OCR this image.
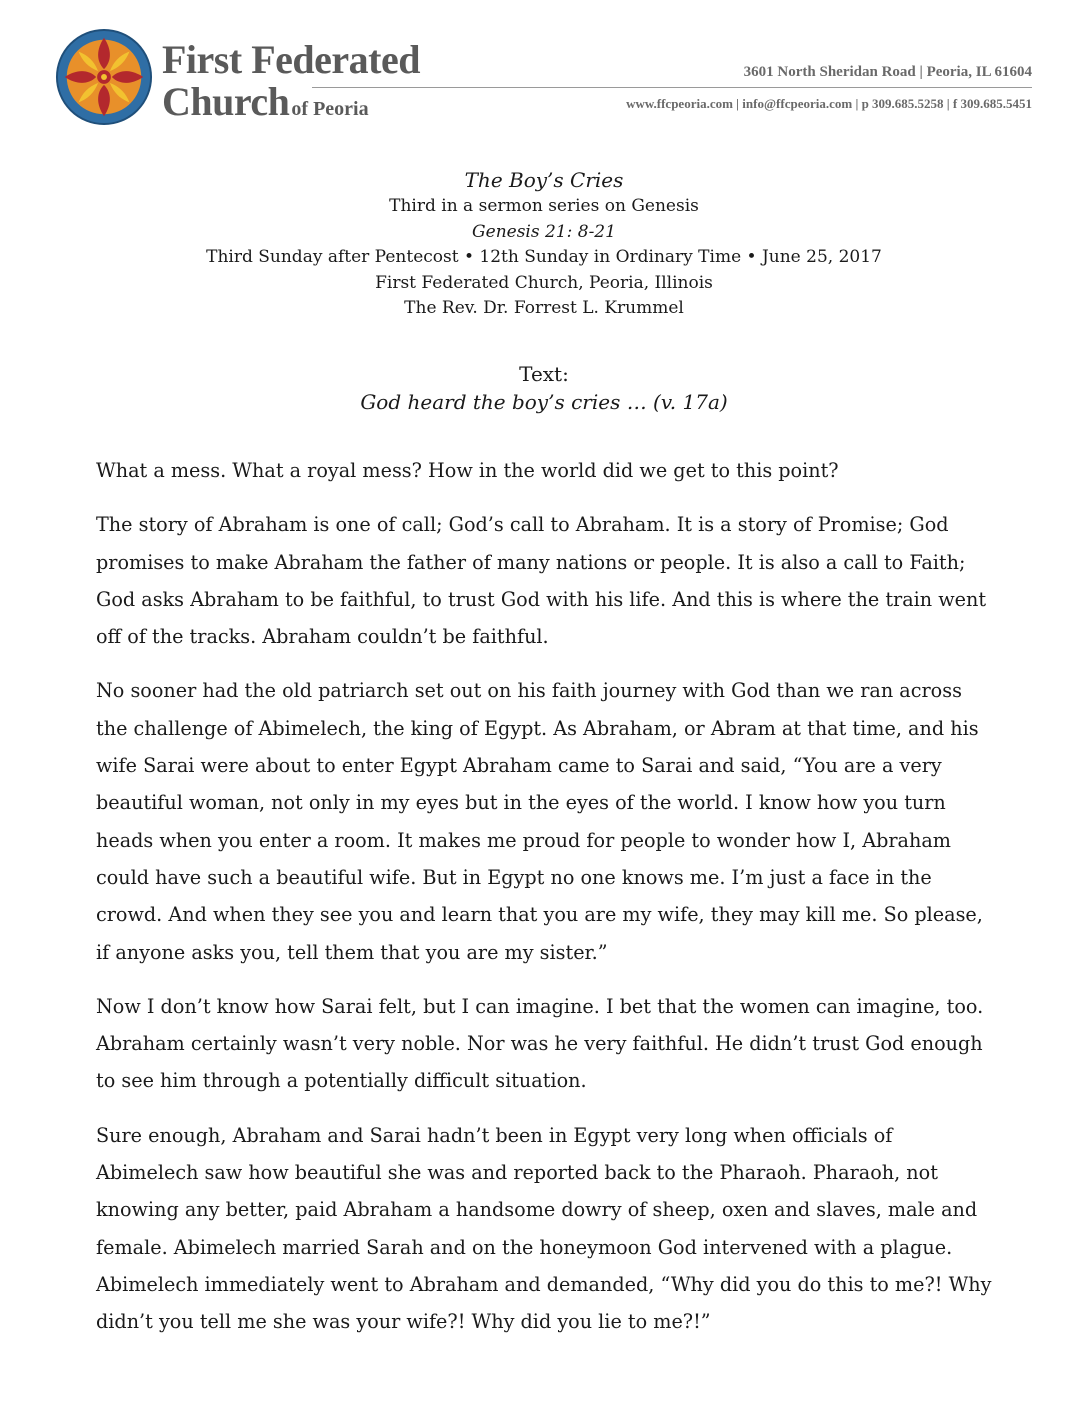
First Federated
Church of Peoria
3601 North Sheridan Road | Peoria, IL 61604
www.ffcpeoria.com | info@ffcpeoria.com | p 309.685.5258 | f 309.685.5451
The Boy’s Cries
Third in a sermon series on Genesis
Genesis 21: 8-21
Third Sunday after Pentecost • 12th Sunday in Ordinary Time • June 25, 2017
First Federated Church, Peoria, Illinois
The Rev. Dr. Forrest L. Krummel
Text:
God heard the boy’s cries … (v. 17a)

What a mess. What a royal mess? How in the world did we get to this point?

The story of Abraham is one of call; God’s call to Abraham. It is a story of Promise; God promises to make Abraham the father of many nations or people. It is also a call to Faith; God asks Abraham to be faithful, to trust God with his life. And this is where the train went off of the tracks. Abraham couldn’t be faithful.

No sooner had the old patriarch set out on his faith journey with God than we ran across the challenge of Abimelech, the king of Egypt. As Abraham, or Abram at that time, and his wife Sarai were about to enter Egypt Abraham came to Sarai and said, “You are a very beautiful woman, not only in my eyes but in the eyes of the world. I know how you turn heads when you enter a room. It makes me proud for people to wonder how I, Abraham could have such a beautiful wife. But in Egypt no one knows me. I’m just a face in the crowd. And when they see you and learn that you are my wife, they may kill me. So please, if anyone asks you, tell them that you are my sister.”

Now I don’t know how Sarai felt, but I can imagine. I bet that the women can imagine, too. Abraham certainly wasn’t very noble. Nor was he very faithful. He didn’t trust God enough to see him through a potentially difficult situation.

Sure enough, Abraham and Sarai hadn’t been in Egypt very long when officials of Abimelech saw how beautiful she was and reported back to the Pharaoh. Pharaoh, not knowing any better, paid Abraham a handsome dowry of sheep, oxen and slaves, male and female. Abimelech married Sarah and on the honeymoon God intervened with a plague. Abimelech immediately went to Abraham and demanded, “Why did you do this to me?! Why didn’t you tell me she was your wife?! Why did you lie to me?!”
